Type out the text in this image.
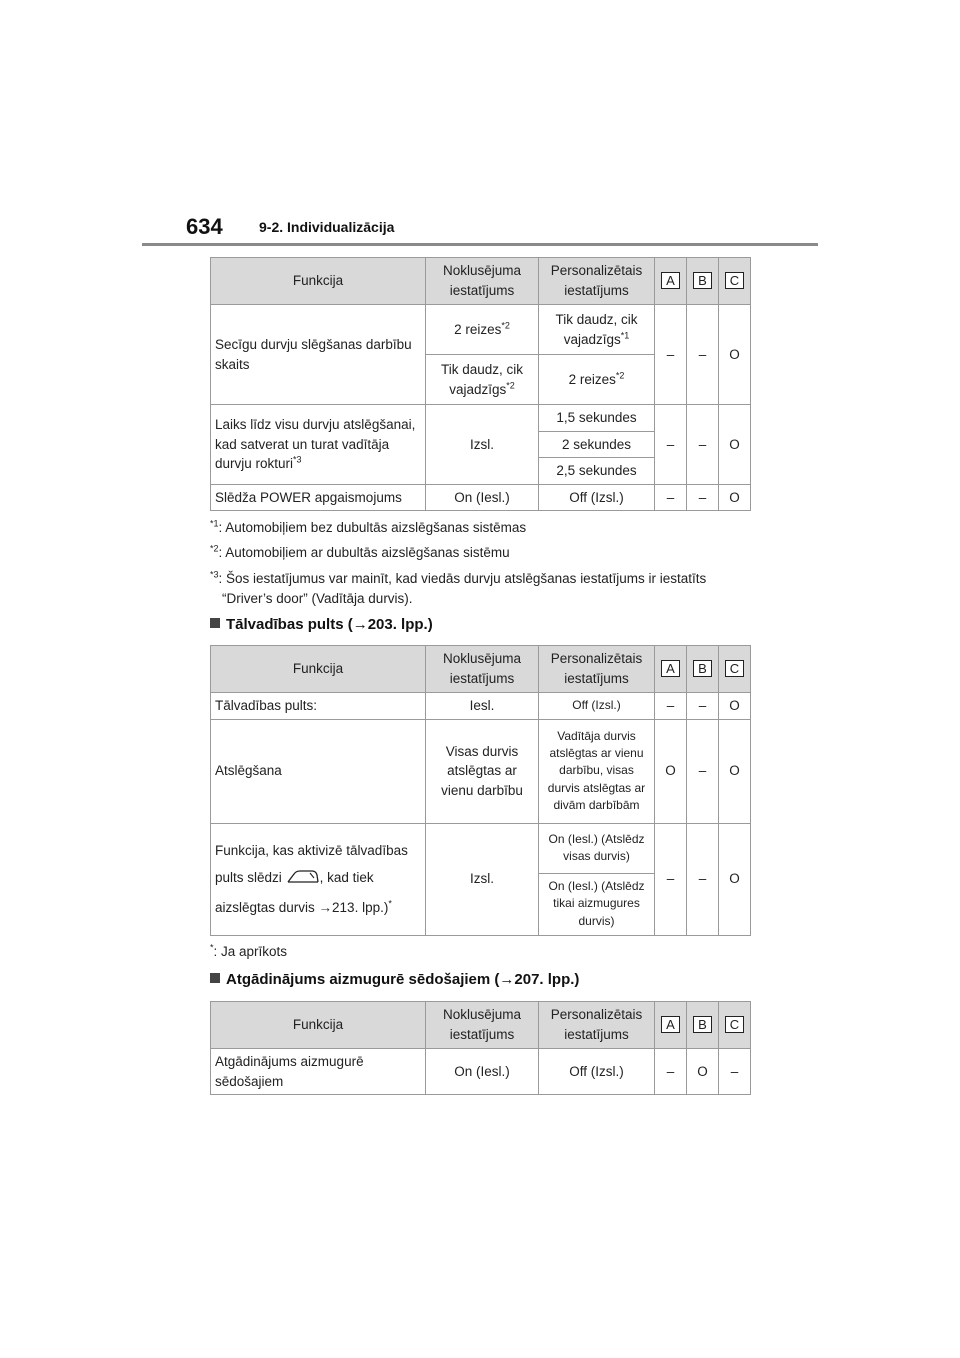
634	9-2. Individualizācija
Funkcija	Noklusējuma iestatījums	Personalizētais iestatījums	A	B	C
Secīgu durvju slēgšanas darbību skaits	2 reizes$^{*2}$	Tik daudz, cik vajadzīgs$^{*1}$	–	–	O
	Tik daudz, cik vajadzīgs$^{*2}$	2 reizes$^{*2}$
Laiks līdz visu durvju atslēgšanai, kad satverat un turat vadītāja durvju rokturi$^{*3}$	Izsl.	1,5 sekundes	–	–	O
		2 sekundes			
		2,5 sekundes			
Slēdža POWER apgaismojums	On (Iesl.)	Off (Izsl.)	–	–	O
$^{*1}$: Automobiļiem bez dubultās aizslēgšanas sistēmas
$^{*2}$: Automobiļiem ar dubultās aizslēgšanas sistēmu
$^{*3}$: Šos iestatījumus var mainīt, kad viedās durvju atslēgšanas iestatījums ir iestatīts
“Driver’s door” (Vadītāja durvis).
Tālvadības pults (→203. lpp.)
Funkcija	Noklusējuma iestatījums	Personalizētais iestatījums	A	B	C
Tālvadības pults:	Iesl.	Off (Izsl.)	–	–	O
Atslēgšana	Visas durvis atslēgtas ar vienu darbību	Vadītāja durvis atslēgtas ar vienu darbību, visas durvis atslēgtas ar divām darbībām	O	–	O
Funkcija, kas aktivizē tālvadības pults slēdzi , kad tiek aizslēgtas durvis →213. lpp.)*	Izsl.	On (Iesl.) (Atslēdz visas durvis)	–	–	O
		On (Iesl.) (Atslēdz tikai aizmugures durvis)			
*: Ja aprīkots
Atgādinājums aizmugurē sēdošajiem (→207. lpp.)
Funkcija	Noklusējuma iestatījums	Personalizētais iestatījums	A	B	C
Atgādinājums aizmugurē sēdošajiem	On (Iesl.)	Off (Izsl.)	–	O	–
